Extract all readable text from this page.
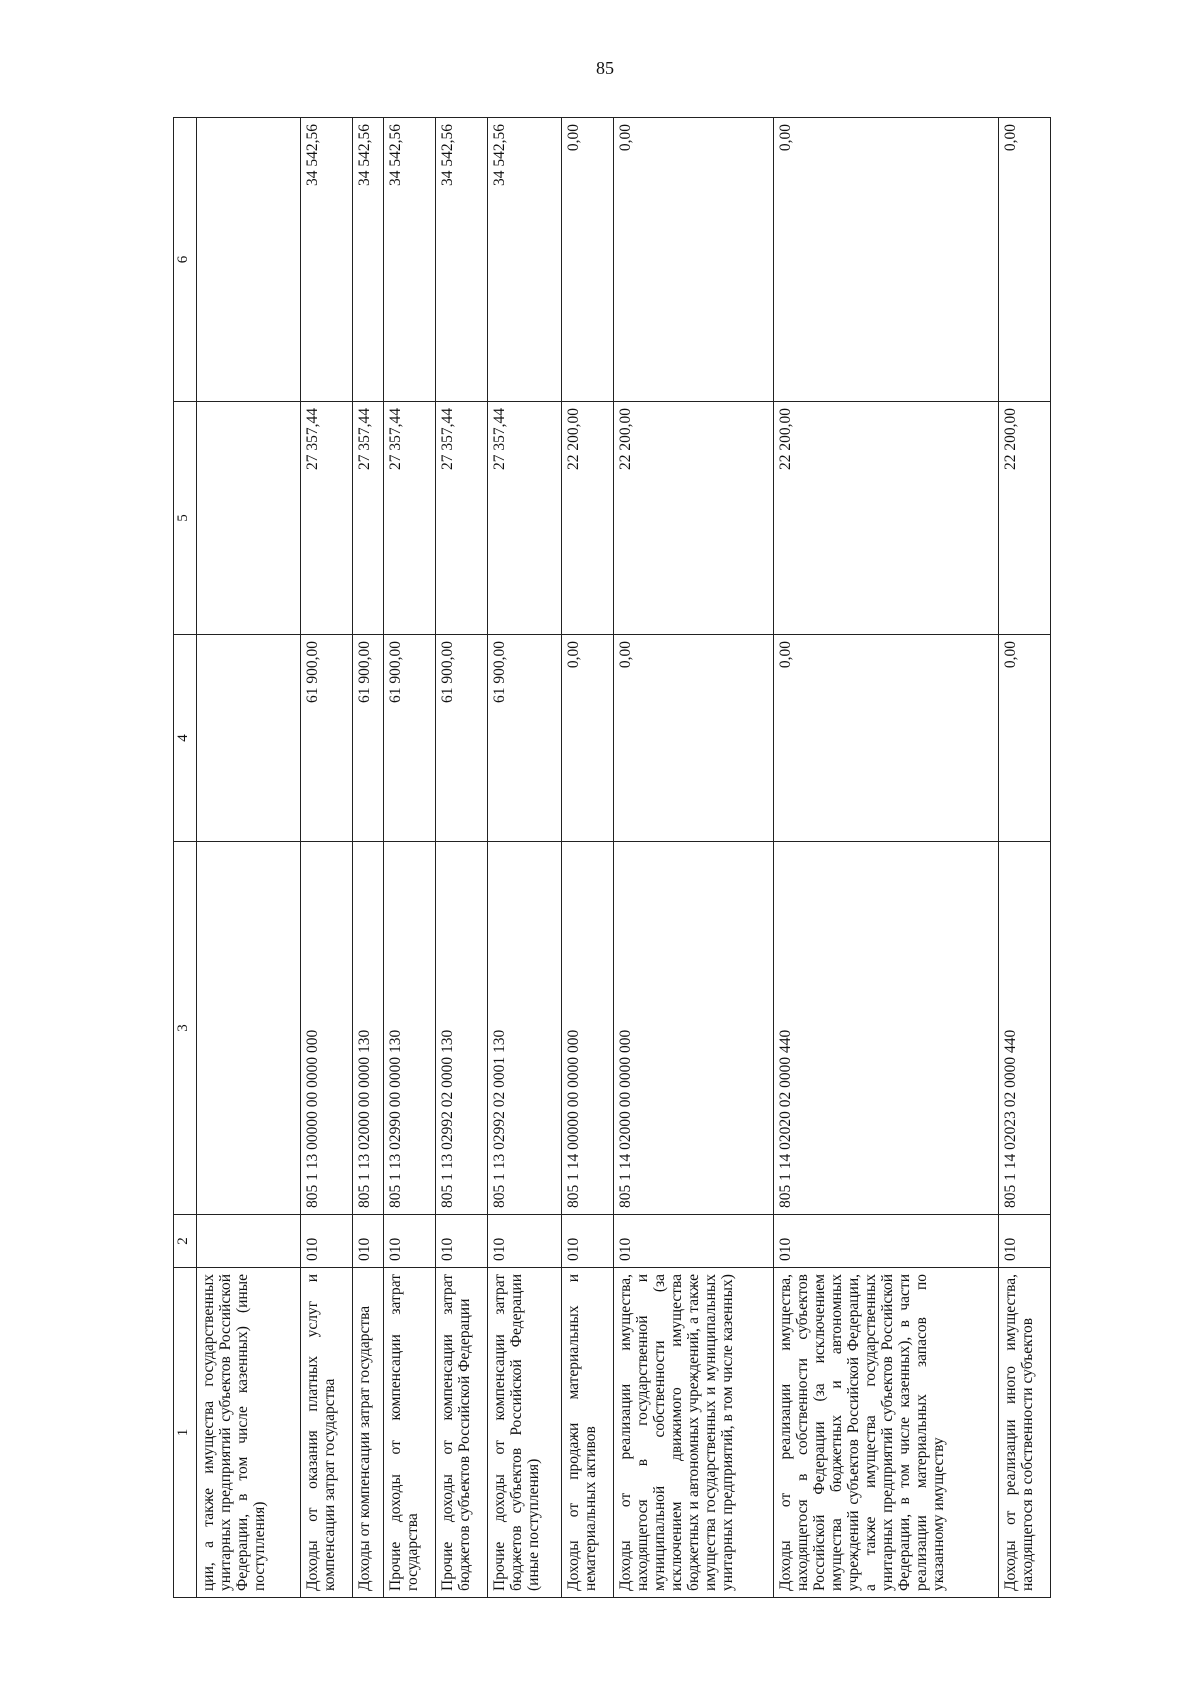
85
1	2	3	4	5	6
ции, а также имущества государственных унитарных предприятий субъектов Российской Федерации, в том числе казенных) (иные поступления)					
Доходы от оказания платных услуг и компенсации затрат государства	010	805 1 13 00000 00 0000 000	61 900,00	27 357,44	34 542,56
Доходы от компенсации затрат государства	010	805 1 13 02000 00 0000 130	61 900,00	27 357,44	34 542,56
Прочие доходы от компенсации затрат государства	010	805 1 13 02990 00 0000 130	61 900,00	27 357,44	34 542,56
Прочие доходы от компенсации затрат бюджетов субъектов Российской Федерации	010	805 1 13 02992 02 0000 130	61 900,00	27 357,44	34 542,56
Прочие доходы от компенсации затрат бюджетов субъектов Российской Федерации (иные поступления)	010	805 1 13 02992 02 0001 130	61 900,00	27 357,44	34 542,56
Доходы от продажи материальных и нематериальных активов	010	805 1 14 00000 00 0000 000	0,00	22 200,00	0,00
Доходы от реализации имущества, находящегося в государственной и муниципальной собственности (за исключением движимого имущества бюджетных и автономных учреждений, а также имущества государственных и муниципальных унитарных предприятий, в том числе казенных)	010	805 1 14 02000 00 0000 000	0,00	22 200,00	0,00
Доходы от реализации имущества, находящегося в собственности субъектов Российской Федерации (за исключением имущества бюджетных и автономных учреждений субъектов Российской Федерации, а также имущества государственных унитарных предприятий субъектов Российской Федерации, в том числе казенных), в части реализации материальных запасов по указанному имуществу	010	805 1 14 02020 02 0000 440	0,00	22 200,00	0,00
Доходы от реализации иного имущества, находящегося в собственности субъектов	010	805 1 14 02023 02 0000 440	0,00	22 200,00	0,00
